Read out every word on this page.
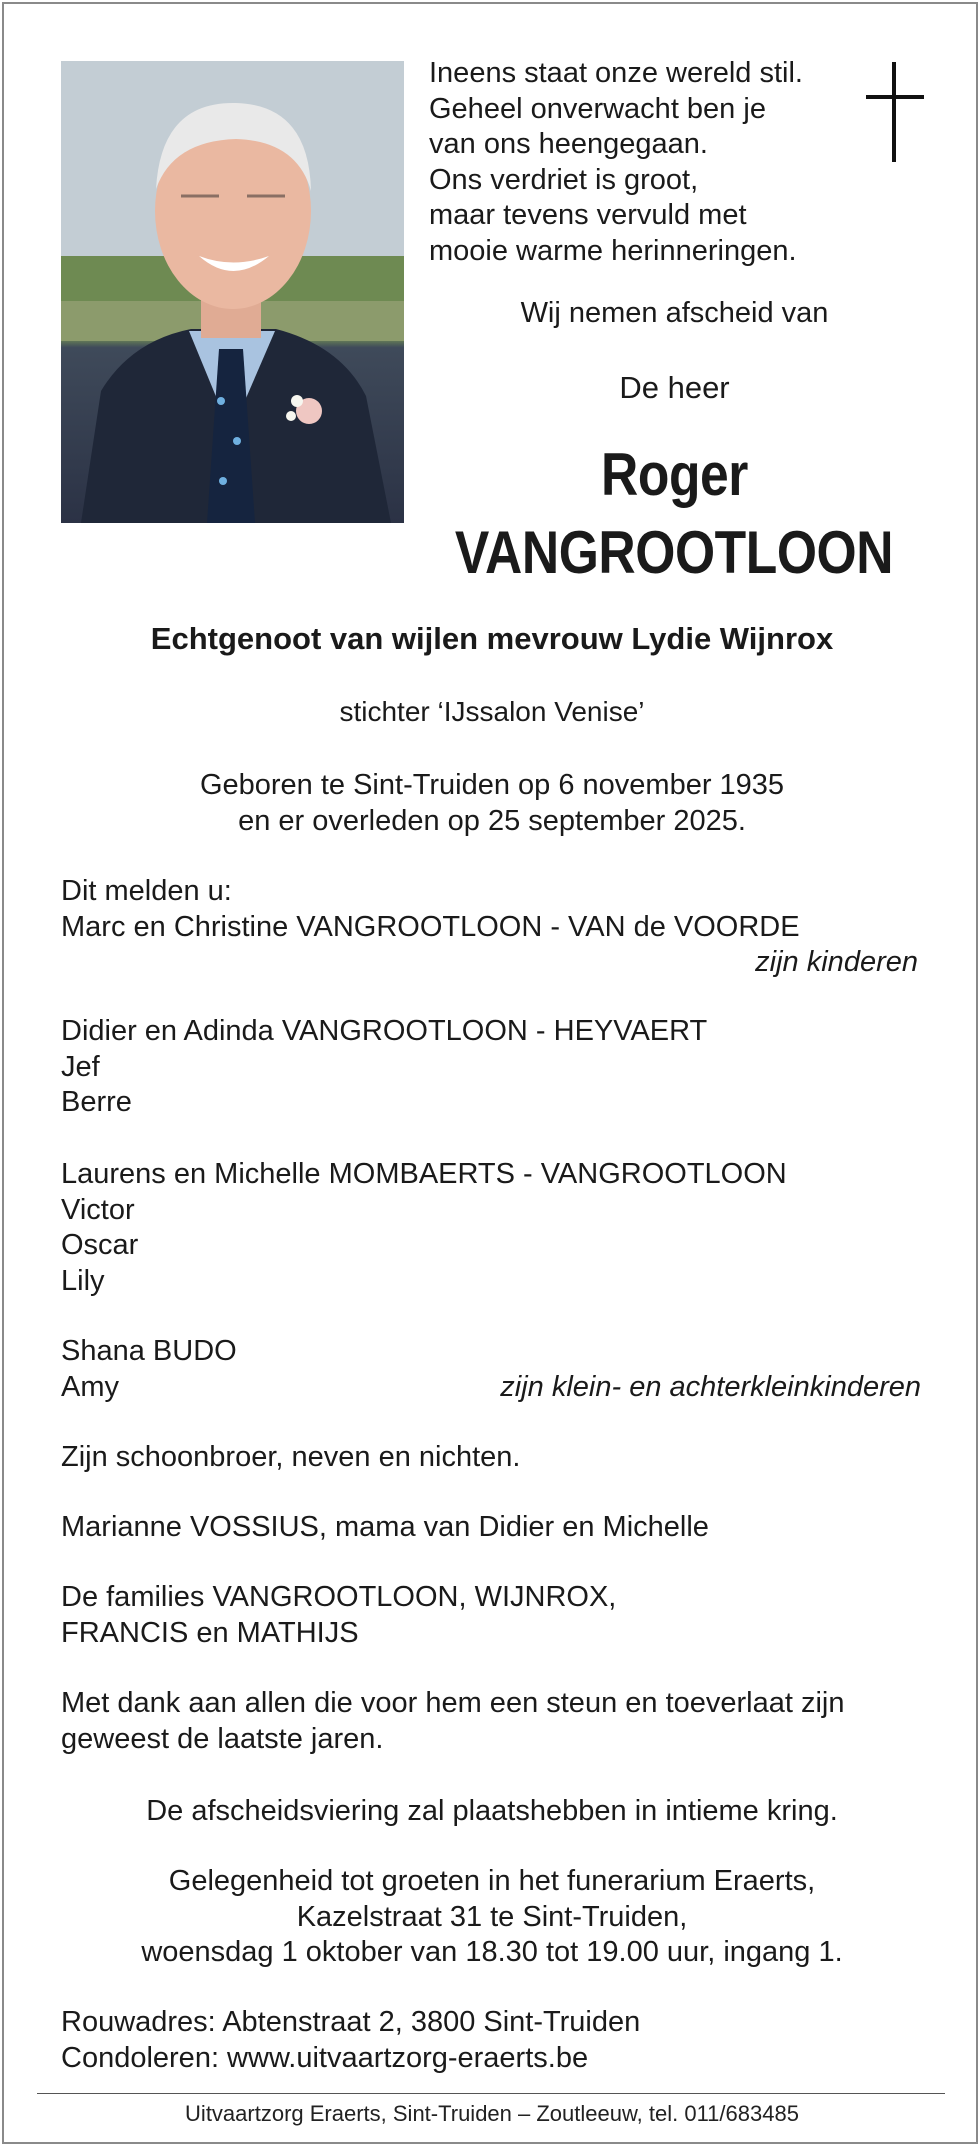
Ineens staat onze wereld stil.
Geheel onverwacht ben je
van ons heengegaan.
Ons verdriet is groot,
maar tevens vervuld met
mooie warme herinneringen.
Wij nemen afscheid van
De heer
Roger
VANGROOTLOON
Echtgenoot van wijlen mevrouw Lydie Wijnrox
stichter ‘IJssalon Venise’
Geboren te Sint-Truiden op 6 november 1935
en er overleden op 25 september 2025.
Dit melden u:
Marc en Christine VANGROOTLOON - VAN de VOORDE
zijn kinderen
Didier en Adinda VANGROOTLOON - HEYVAERT
Jef
Berre
Laurens en Michelle MOMBAERTS - VANGROOTLOON
Victor
Oscar
Lily
Shana BUDO
Amy	zijn klein- en achterkleinkinderen
Zijn schoonbroer, neven en nichten.
Marianne VOSSIUS, mama van Didier en Michelle
De families VANGROOTLOON, WIJNROX,
FRANCIS en MATHIJS
Met dank aan allen die voor hem een steun en toeverlaat zijn
geweest de laatste jaren.
De afscheidsviering zal plaatshebben in intieme kring.
Gelegenheid tot groeten in het funerarium Eraerts,
Kazelstraat 31 te Sint-Truiden,
woensdag 1 oktober van 18.30 tot 19.00 uur, ingang 1.
Rouwadres: Abtenstraat 2, 3800 Sint-Truiden
Condoleren: www.uitvaartzorg-eraerts.be
Uitvaartzorg Eraerts, Sint-Truiden – Zoutleeuw, tel. 011/683485
